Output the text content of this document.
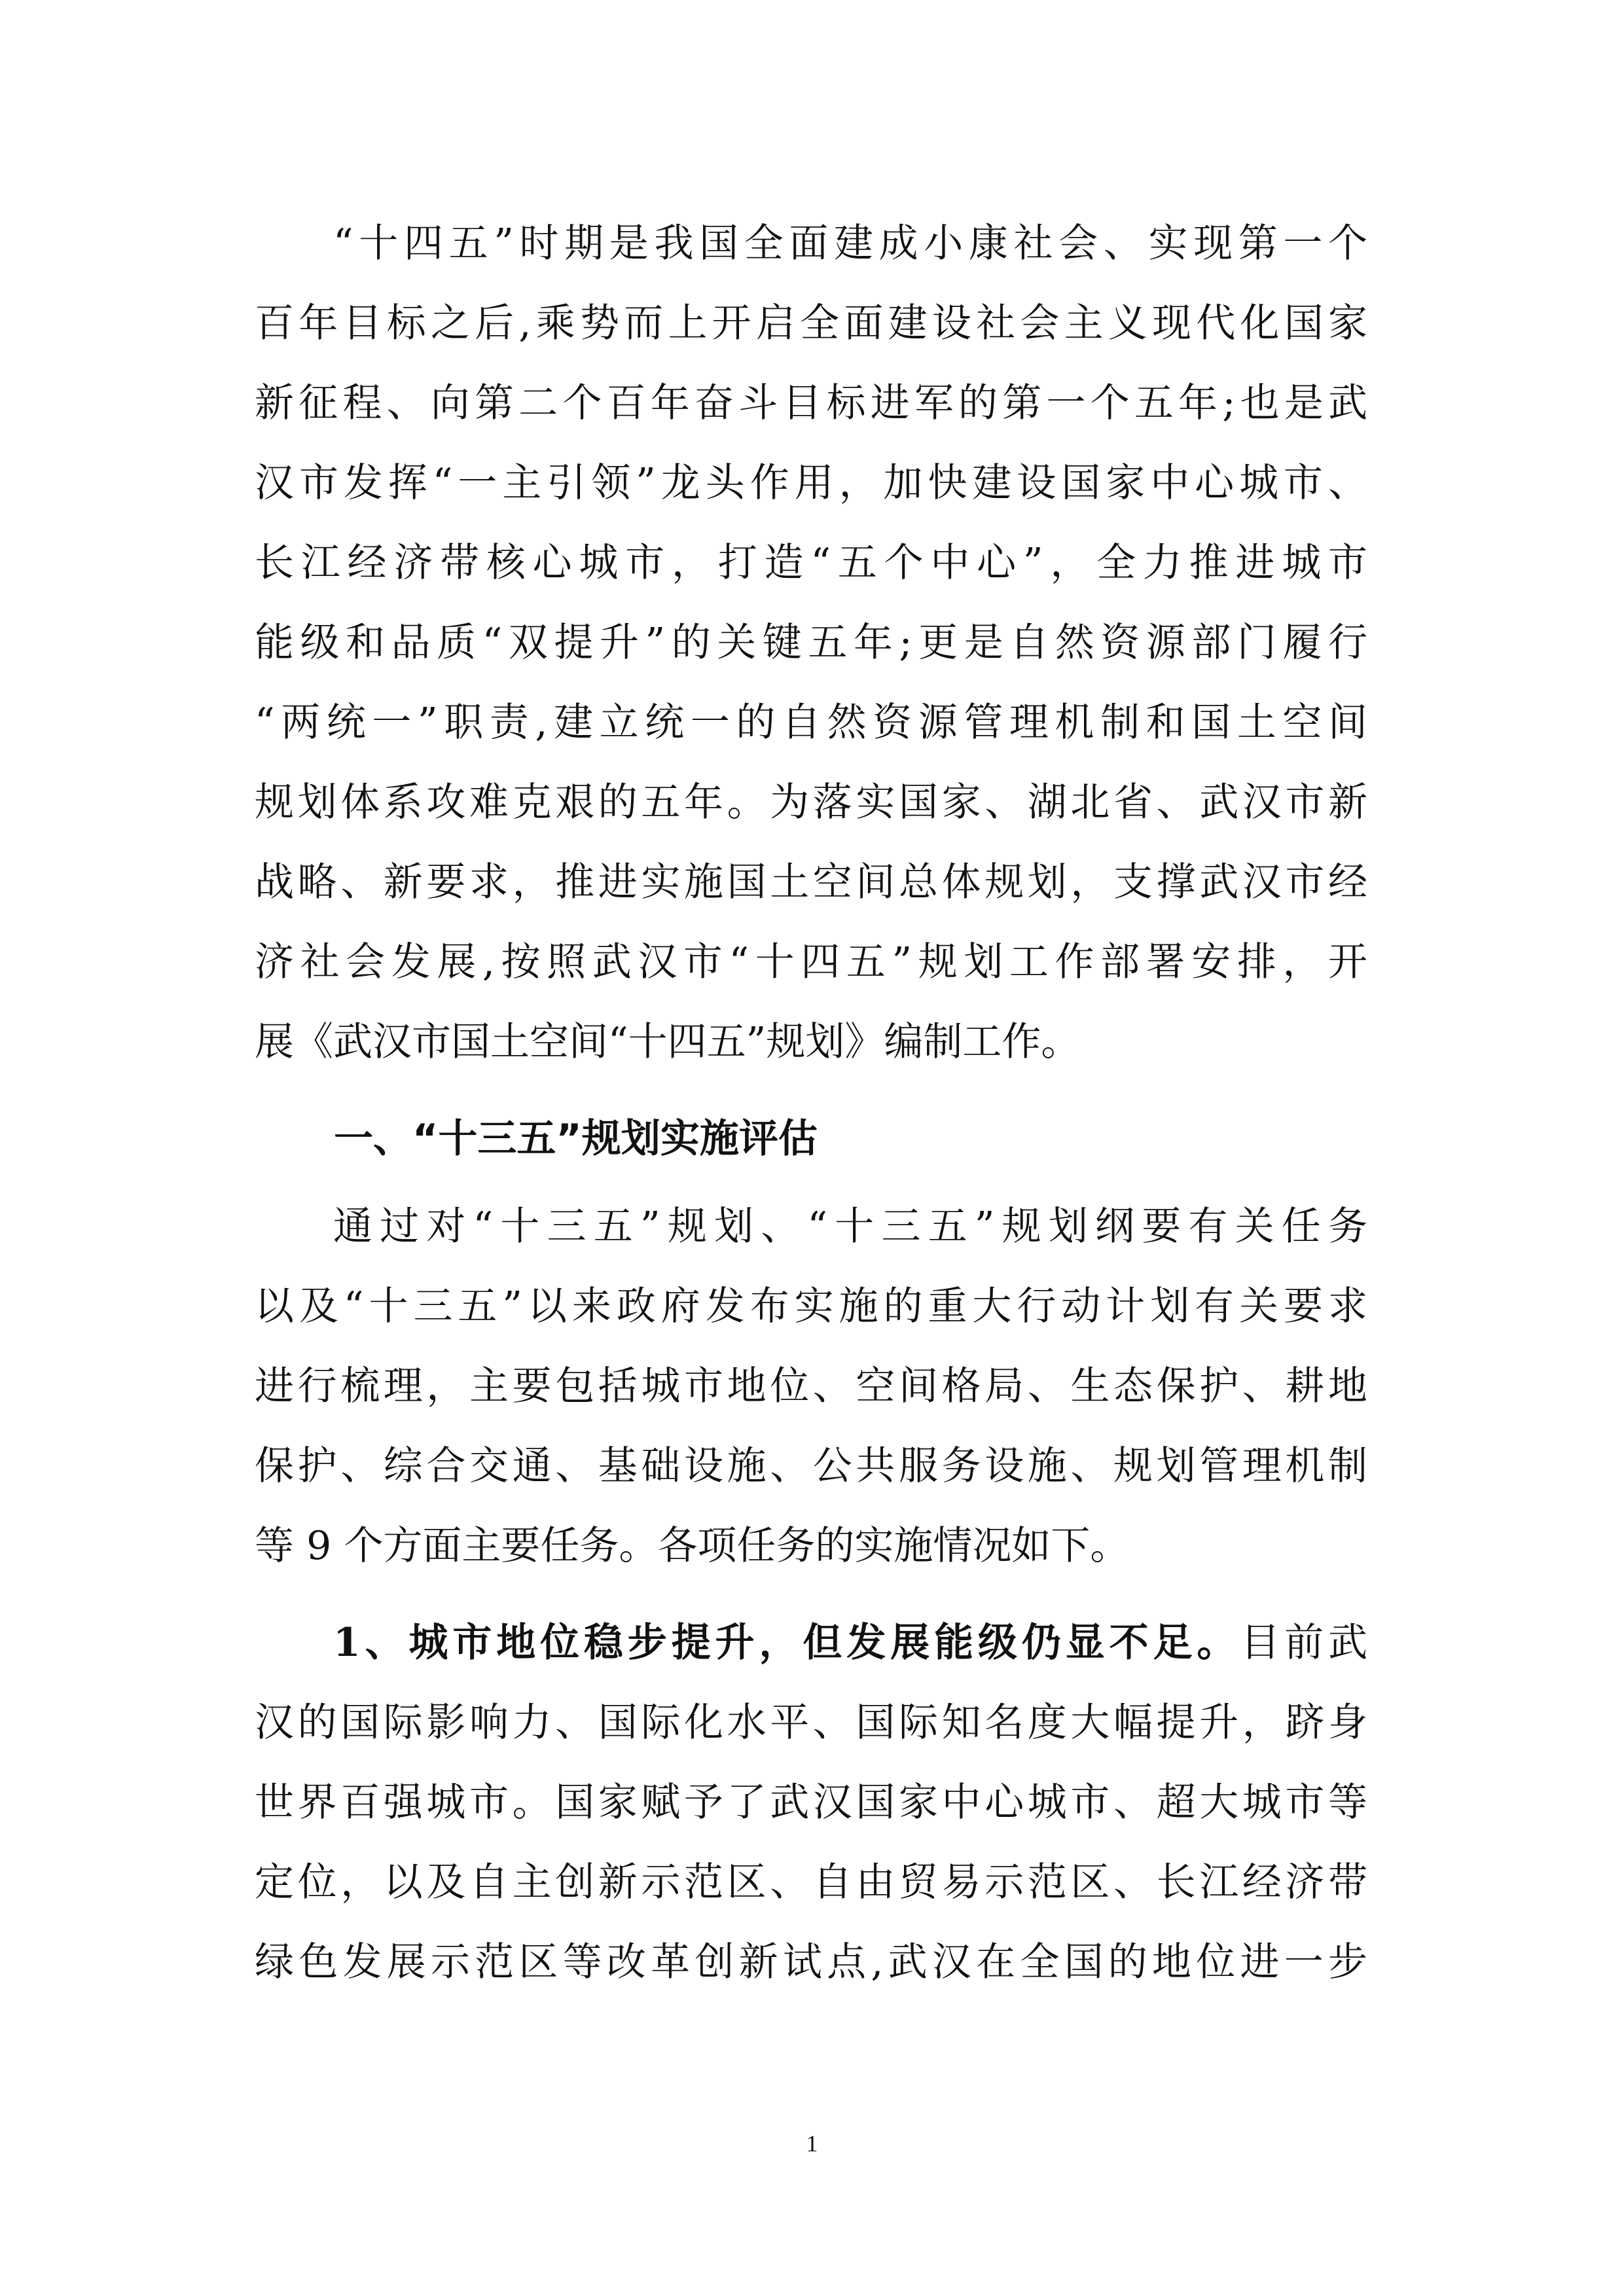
“十四五”时期是我国全面建成小康社会、实现第一个
百年目标之后,乘势而上开启全面建设社会主义现代化国家
新征程、向第二个百年奋斗目标进军的第一个五年;也是武
汉市发挥“一主引领”龙头作用，加快建设国家中心城市、
长江经济带核心城市，打造“五个中心”，全力推进城市
能级和品质“双提升”的关键五年;更是自然资源部门履行
“两统一”职责,建立统一的自然资源管理机制和国土空间
规划体系攻难克艰的五年。为落实国家、湖北省、武汉市新
战略、新要求，推进实施国土空间总体规划，支撑武汉市经
济社会发展,按照武汉市“十四五”规划工作部署安排，开
展《武汉市国土空间“十四五”规划》编制工作。
一、“十三五”规划实施评估
通过对“十三五”规划、“十三五”规划纲要有关任务
以及“十三五”以来政府发布实施的重大行动计划有关要求
进行梳理，主要包括城市地位、空间格局、生态保护、耕地
保护、综合交通、基础设施、公共服务设施、规划管理机制
等 9 个方面主要任务。各项任务的实施情况如下。
1、城市地位稳步提升，但发展能级仍显不足。目前武
汉的国际影响力、国际化水平、国际知名度大幅提升，跻身
世界百强城市。国家赋予了武汉国家中心城市、超大城市等
定位，以及自主创新示范区、自由贸易示范区、长江经济带
绿色发展示范区等改革创新试点,武汉在全国的地位进一步
1
